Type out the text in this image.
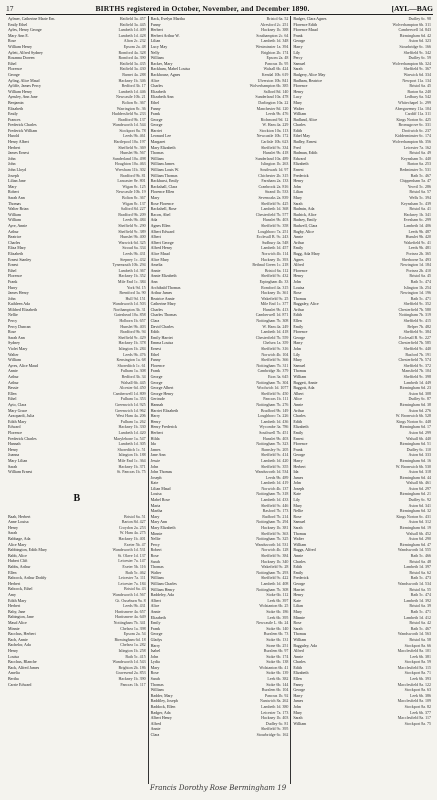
17	BIRTHS registered in October, November, and December 1890.	[AYL—BAG
Aylmer, Catherine Marie Em.	Hatfield 3a. 457
Emily Ethel	Hatfield 3a. 445
Ayles, Henry George	Lambeth 1d. 409
Mary Ann E.	Lambeth 1d. 428
Rose	Alton 2c. 232
William Henry	Epsom 2a. 48
Aylett, Alfred Sydney	Romford 4a. 328
Rosanna Doreen	Romford 4a. 390
Ethel	Hatfield 3a. 435
Florence	Hatfield 3a. 430
George	Barnet 4a. 288
Ayling, Alice Maud	Hackney 1b. 346
Ayliffe, James Percy	Bedford 3b. 17
William Henry	Lambeth 1d. 446
Aynsley, Ann Jane	Newcastle 10b. 21
Benjamin	Bolton 8c. 367
Elizabeth	Warrington 8c. 36
Emily	Huddersfield 9a. 233
Frances	Bradford 9b. 137
Frederick Charles	Wandsworth 1d. 544
Frederick William	Stockport 8a. 78
Harold	Leeds 9b. 461
Henry Albert	Hartlepool 10a. 197
Herbert	Sheffield 9c. 369
James Ernest	Hunslet 9b. 567
John	Sunderland 10a. 498
John	Houghton 10a. 463
John Lloyd	Wrexham 11b. 302
Joseph	Bradford 9b. 81
Lilian Jane	Lancaster 8e. 801
Mary	Wigan 8c. 125
Robert	Newcastle 10b. 19
Sarah Ann	Bolton 8c. 367
Thomas	Wigan 8c. 137
Walter Brian	Salford 8d. 227
William	Bradford 9b. 209
William	Leeds 9b. 484
Ayre, Annie	Sheffield 9c. 290
Arthur	Sheffield 9c. 389
Beatrice	Hunslet 9b. 400
Charles	Warwick 6d. 325
Eliza Mary	Stroud 6a. 334
Elizabeth	Leeds 9b. 431
Ernest Stanley	Stepney 1c. 432
Ernest	Tynemouth 10b. 294
Ethel	Lambeth 1d. 367
Florence	Hackney 1b. 352
Frank	Mile End 1c. 384
Harry	York 9d. 15
James Henry	Brentford 3a. 90
John	Hull 9d. 151
Kathleen Ada	Wandsworth 1d. 503
Mildred Elizabeth	Northampton 3b. 31
Nellie	Gateshead 10a. 858
Percy	Holborn 1b. 657
Percy Duncan	Hunslet 9b. 403
Rose	Bradford 9b. 94
Sarah Ann	Sheffield 9c. 429
Sydney	Hackney 1b. 378
Violet Mary	Islington 1b. 284
Walter	Leeds 9b. 476
William	Kensington 1a. 68
Ayres, Alice Maud	Shoreditch 1c. 61
Annie	Fulham 1a. 308
Arthur	Bedford 3b. 34
Arthur	Walsall 6b. 445
Bessie	Alcester 6d. 450
Ellen	Camberwell 1d. 809
Ethel	Fulham 1a. 353
Ayto, Clara	Greenwich 1d. 925
Mary Grace	Greenwich 1d. 962
Azzopardi, Julia	West Ham 4a. 206
Edith Mary	Fulham 1a. 262
Edward	Hackney 1b. 330
Florence	Lambeth 1d. 420
Frederick Charles	Marylebone 1a. 547
Hannah	Lambeth 1d. 305
Henry	Shoreditch 1c. 51
Joanna	Islington 1b. 188
Mary Lilian	Mile End 1c. 364
Sarah	Hackney 1b. 371
William Ernest	St. Pancras 1b. 75
B
Baab, Herbert	Bristol 6a. 51
Anne Louisa	Barton 8d. 427
Henry	Croydon 2a. 253
Sarah	W. Ham 4a. 275
Babbage, Ada	Hackney 1b. 401
Alice Mary	Exeter 5b. 47
Babbington, Edith Mary	Wandsworth 1d. 531
Babb, Alice	St. Olave 1d. 137
Hubert Clift	Leicester 7a. 147
Babbs, Arthur	Exeter 5b. 116
Ellen	Bath 5c. 462
Babcock, Arthur Doddy	Leicester 7a. 111
Herbert	Leicester 7a. 184
Babcock, Ethel	Bristol 6a. 43
Amy	Wandsworth 1d. 567
Edith Mary	Gt. Ouseburn 9a. 8
Herbert	Leeds 9b. 431
Baby, Jane	Hartismere 4a. 657
Babington, Jane	Hartismere 4a. 649
Maud Alice	Nottingham 7b. 341
Minnie	Chelsea 1a. 398
Bacchus, Herbert	Epsom 2a. 54
Bach, Annie	Birmingham 6d. 18
Bachelor, Ada	Chelsea 1a. 282
Henry	Islington 1b. 258
Louisa	Bath 5c. 415
Bacchus, Blanche	Wandsworth 1d. 543
Back, Alfred James	Brighton 2b. 186
Amelia	Gravesend 2a. 853
Bertha	Hackney 1b. 390
Carrie Edward	Pancras 1b. 117
Back, Evelyn Martha	Bristol 6a. 52
Fanny	Alresford 2c. 251
Herbert	Hackney 1b. 388
Herbert Arthur W.	Southampton 2c. 64
Lilian	Lambeth 1d. 348
Lucy May	Westminster 1a. 394
Nelly	Brighton 2b. 174
William	Epsom 2a. 48
Backer, Mary	Pancras 1b. 95
Backham, Mabel Louisa	Walsall 6b. 424
Backhouse, Agnes	Kendal 10b. 619
Alice	Ulverston 10b. 841
Charles	Wolverhampton 6b. 385
Elizabeth	Salford 8d. 140
Elizabeth Ann	Sunderland 10a. 478
Ethel	Darlington 10a. 22
Fanny	Manchester 8d. 120
Frank	Leeds 9b. 476
George	Richmond 9d. 12
George	W. Ham 4a. 229
Harriet	Stockton 10a. 113
Leonard Lee	Newcastle 10b. 172
Margaret	Carlisle 10b. 623
Mary Elizabeth	Sheffield 9c. 334
Thomas	Hunslet 9b. 418
William	Sunderland 10a. 489
William James	Islington 1b. 263
William Louis W.	Southwark 1d. 97
William Thomas	Chichester 2b. 315
Backhurst, Emily	Farnham 2a. 133
Backshall, Clara	Cranbrook 2a. 816
Florence Ellen	Strand 1b. 533
Mary	Sevenoaks 2a. 839
Rose Florence	Sheffield 9c. 425
Backshell, Rose	Lambeth 1d. 368
Bacon, Abel	Chesterfield 7b. 577
Ada	Hunslet 9b. 403
Agnes Ellen	Sheffield 9c. 358
Albert Edward	Loughboro 7a. 251
Albert	Ecclesall B. 9c. 243
Albert George	Sudbury 4a. 548
Alfred Henry	Lambeth 1d. 457
Alice Maud	Norwich 4b. 114
Alice Mary	Hackney 1b. 393
Amelia	Bethnal Green 1c. 218
Annie	Bristol 6a. 112
Annie Elizabeth	Sheffield 9c. 432
Ann	Erpingham 4b. 33
Archibald Thomas	Romford 4a. 315
Arthur James	Hackney 1b. 361
Beatrice Annie	Wakefield 9c. 25
Catherine Mary	Mile End 1c. 377
Charles	Hunslet 9b. 413
Charles Thomas	Camberwell 1d. 871
Clara	Nottingham 7b. 308
David Charles	W. Ham 4a. 249
Edith	Lambeth 1d. 418
Emily Harriet	Chesterfield 7b. 559
Emma Louisa	Chelsea 1a. 359
Ernest	Sheffield 9c. 316
Ethel	Norwich 4b. 104
Fanny	Sheffield 9c. 366
Florence	Nottingham 7b. 311
Frank	Cambridge 3b. 379
George	Eton 3a. 645
George	Nottingham 7b. 304
George Albert	Woolwich 1d. 1077
George Henry	Sheffield 9c. 450
Gertrude	Pancras 1b. 111
Hannah	Nottingham 7b. 276
Harriet Elizabeth	Bradford 9b. 149
Harry	Loughboro 7a. 226
Henry	Lambeth 1d. 436
Henry Frederick	Wycombe 3a. 786
Herbert	Southwell 7b. 451
Hilda	Hunslet 9b. 403
Ida	Nottingham 7b. 323
James	Barnsley 9c. 205
Jane Ann	Sheffield 9c. 414
Jessie	Lambeth 1d. 420
John	Sheffield 9c. 355
John Thomas	Wandsworth 1d. 534
Joseph	Leeds 9b. 489
Kate	Lambeth 1d. 419
Lilian Maud	Norwich 4b. 137
Louisa	Nottingham 7b. 318
Mabel Rose	Lambeth 1d. 433
Maria	Sheffield 9c. 446
Martha	Basford 7b. 173
Mary	Radford 7b. 214
Mary Ann	Nottingham 7b. 294
Mary Elizabeth	Hackney 1b. 381
Minnie	Sheffield 9c. 363
Nellie	Nottingham 7b. 325
Percy	Wandsworth 1d. 531
Robert	Norwich 4b. 128
Rose	Sheffield 9c. 384
Sarah	Hackney 1b. 340
Thomas	Wakefield 9c. 28
Walter	Nottingham 7b. 293
William	Sheffield 9c. 422
William Charles	Lambeth 1d. 408
William Henry	Nottingham 7b. 308
Baddeley, Ada	Stoke 6b. 112
Albert	Leek 6b. 397
Alice	Wolstanton 6b. 25
Annie	Stoke 6b. 186
Elizabeth	Leek 6b. 395
Emily	Newcastle L. 6b. 24
Frank	Stoke 6b. 140
George	Burslem 6b. 73
Gladys	Stoke 6b. 131
Harry	Stone 6b. 251
Isabel	Burslem 6b. 97
John	Stoke 6b. 174
Lydia	Stoke 6b. 138
Mary	Wolstanton 6b. 41
Rose	Stoke 6b. 139
Sarah	Leek 6b. 382
Thomas	Stoke 6b. 144
William	Burslem 6b. 104
Badder, Mary	Pancras 1b. 92
Baddiley, Joseph	Nantwich 8a. 262
Baddock, Ellen	Lambeth 1d. 380
Badger, Ada	Leicester 7a. 173
Albert Henry	Hackney 1b. 403
Alfred	Dudley 6c. 81
Annie	Sheffield 9c. 395
Clara	Stourbridge 6c. 162
Badger, Clara Agnes	Dudley 6c. 98
Florence Edith	Wolverhampton 6b. 311
Florence Maud	Camberwell 1d. 843
Frank	Birmingham 6d. 42
George	Aston 6d. 323
Harry	Stourbridge 6c. 166
Lily	Sheffield 9c. 342
Percy	Dudley 6c. 59
Samuel	Wolverhampton 6b. 324
Sarah	Sheffield 9c. 367
Badgery, Alice May	Warwick 6d. 334
Badham, Beatrice	Newport 11a. 134
Florence	Bristol 6a. 45
Henry	Barton 6a. 240
Lucy	Ledbury 6a. 542
Mary	Whitechapel 1c. 299
Walter	Abergavenny 11a. 104
William	Cardiff 11a. 311
Badland, Alice	Kings Norton 6c. 425
Charles	Bromsgrove 6c. 331
Edith	Droitwich 6c. 237
Ethel May	Kidderminster 6c. 174
Badley, Ernest	Wolverhampton 6b. 356
Fred	Leicester 7a. 162
Badman, Edith	Bristol 6a. 49
Edward	Keynsham 5c. 440
Elizabeth	Barton 6a. 253
Ernest	Bedminster 5c. 531
Frederick	Bath 5c. 467
Henry	Chippenham 5a. 47
John	Yeovil 5c. 286
Lilian	Bristol 6a. 57
Mary	Wells 5c. 394
Sarah	Keynsham 5c. 439
Badmin, Ada	Bristol 6a. 41
Badrick, Alice	Hackney 1b. 341
Badsey, Emily	Evesham 6c. 299
Badwell, Clara	Lambeth 1d. 406
Bagby, Alice	Leeds 9b. 487
Annie	Hunslet 9b. 420
Arthur	Wakefield 9c. 41
Emily	Leeds 9b. 481
Bagg, Ada Mary	Portsea 2b. 365
Agnes	Sherborne 5a. 493
Alfred	Newington 1d. 184
Florence	Portsea 2b. 410
Henry	Bristol 6a. 45
John	Bath 5c. 474
Louisa	Islington 1b. 254
Rose	Newington 1d. 196
Thomas	Bath 5c. 471
Baggaley, Alice	Sheffield 9c. 352
Arthur	Chesterfield 7b. 580
Edith	Nottingham 7b. 319
Ellen	Sheffield 9c. 415
Emily	Belper 7b. 482
Florence	Sheffield 9c. 384
George	Ecclesall B. 9c. 227
Harry	Chesterfield 7b. 585
John	Sheffield 9c. 440
Lily	Basford 7b. 191
Mary	Chesterfield 7b. 574
Samuel	Sheffield 9c. 372
Thomas	Mansfield 7b. 104
William	Sheffield 9c. 398
Baggett, Annie	Lambeth 1d. 449
Baggott, Ada	Birmingham 6d. 23
Albert	Aston 6d. 308
Alice	Dudley 6c. 87
Annie	Birmingham 6d. 38
Arthur	Aston 6d. 276
Charles	W. Bromwich 6b. 528
Edith	Kings Norton 6c. 448
Elizabeth	Birmingham 6d. 17
Emily	Aston 6d. 299
Ernest	Walsall 6b. 440
Florence	Birmingham 6d. 51
Frank	Dudley 6c. 110
George	Aston 6d. 333
Harry	Birmingham 6d. 16
Herbert	W. Bromwich 6b. 530
Ida	Aston 6d. 318
James	Birmingham 6d. 44
John	Walsall 6b. 461
Joseph	Aston 6d. 297
Kate	Birmingham 6d. 21
Lily	Dudley 6c. 92
Mary	Aston 6d. 341
Nellie	Birmingham 6d. 32
Rose	Kings Norton 6c. 431
Samuel	Aston 6d. 312
Sarah	Birmingham 6d. 19
Thomas	Walsall 6b. 452
Walter	Aston 6d. 290
William	Birmingham 6d. 47
Baggs, Alfred	Wandsworth 1d. 555
Annie	Bath 5c. 466
Charles	Bristol 6a. 48
Edith	Lambeth 1d. 397
Emily	Bristol 6a. 62
Frederick	Bath 5c. 473
George	Wandsworth 1d. 534
Harriet	Bristol 6a. 55
Henry	Bath 5c. 474
Kate	Lambeth 1d. 392
Lilian	Bristol 6a. 39
Mary	Bath 5c. 471
Minnie	Lambeth 1d. 412
Rose	Bristol 6a. 42
Sarah	Bath 5c. 467
Thomas	Wandsworth 1d. 563
William	Bristol 6a. 58
Bagguley, Ada	Stockport 8a. 66
Alfred	Macclesfield 8a. 101
Annie	Leek 6b. 381
Charles	Stockport 8a. 59
Edith	Macclesfield 8a. 115
Elizabeth	Stockport 8a. 71
Ellen	Leek 6b. 393
Fanny	Macclesfield 8a. 122
George	Stockport 8a. 63
Harry	Leek 6b. 386
James	Macclesfield 8a. 109
John	Stockport 8a. 82
Mary	Leek 6b. 377
Sarah	Macclesfield 8a. 117
William	Stockport 8a. 75
Francis Dorothy Rose Bermingham 19
